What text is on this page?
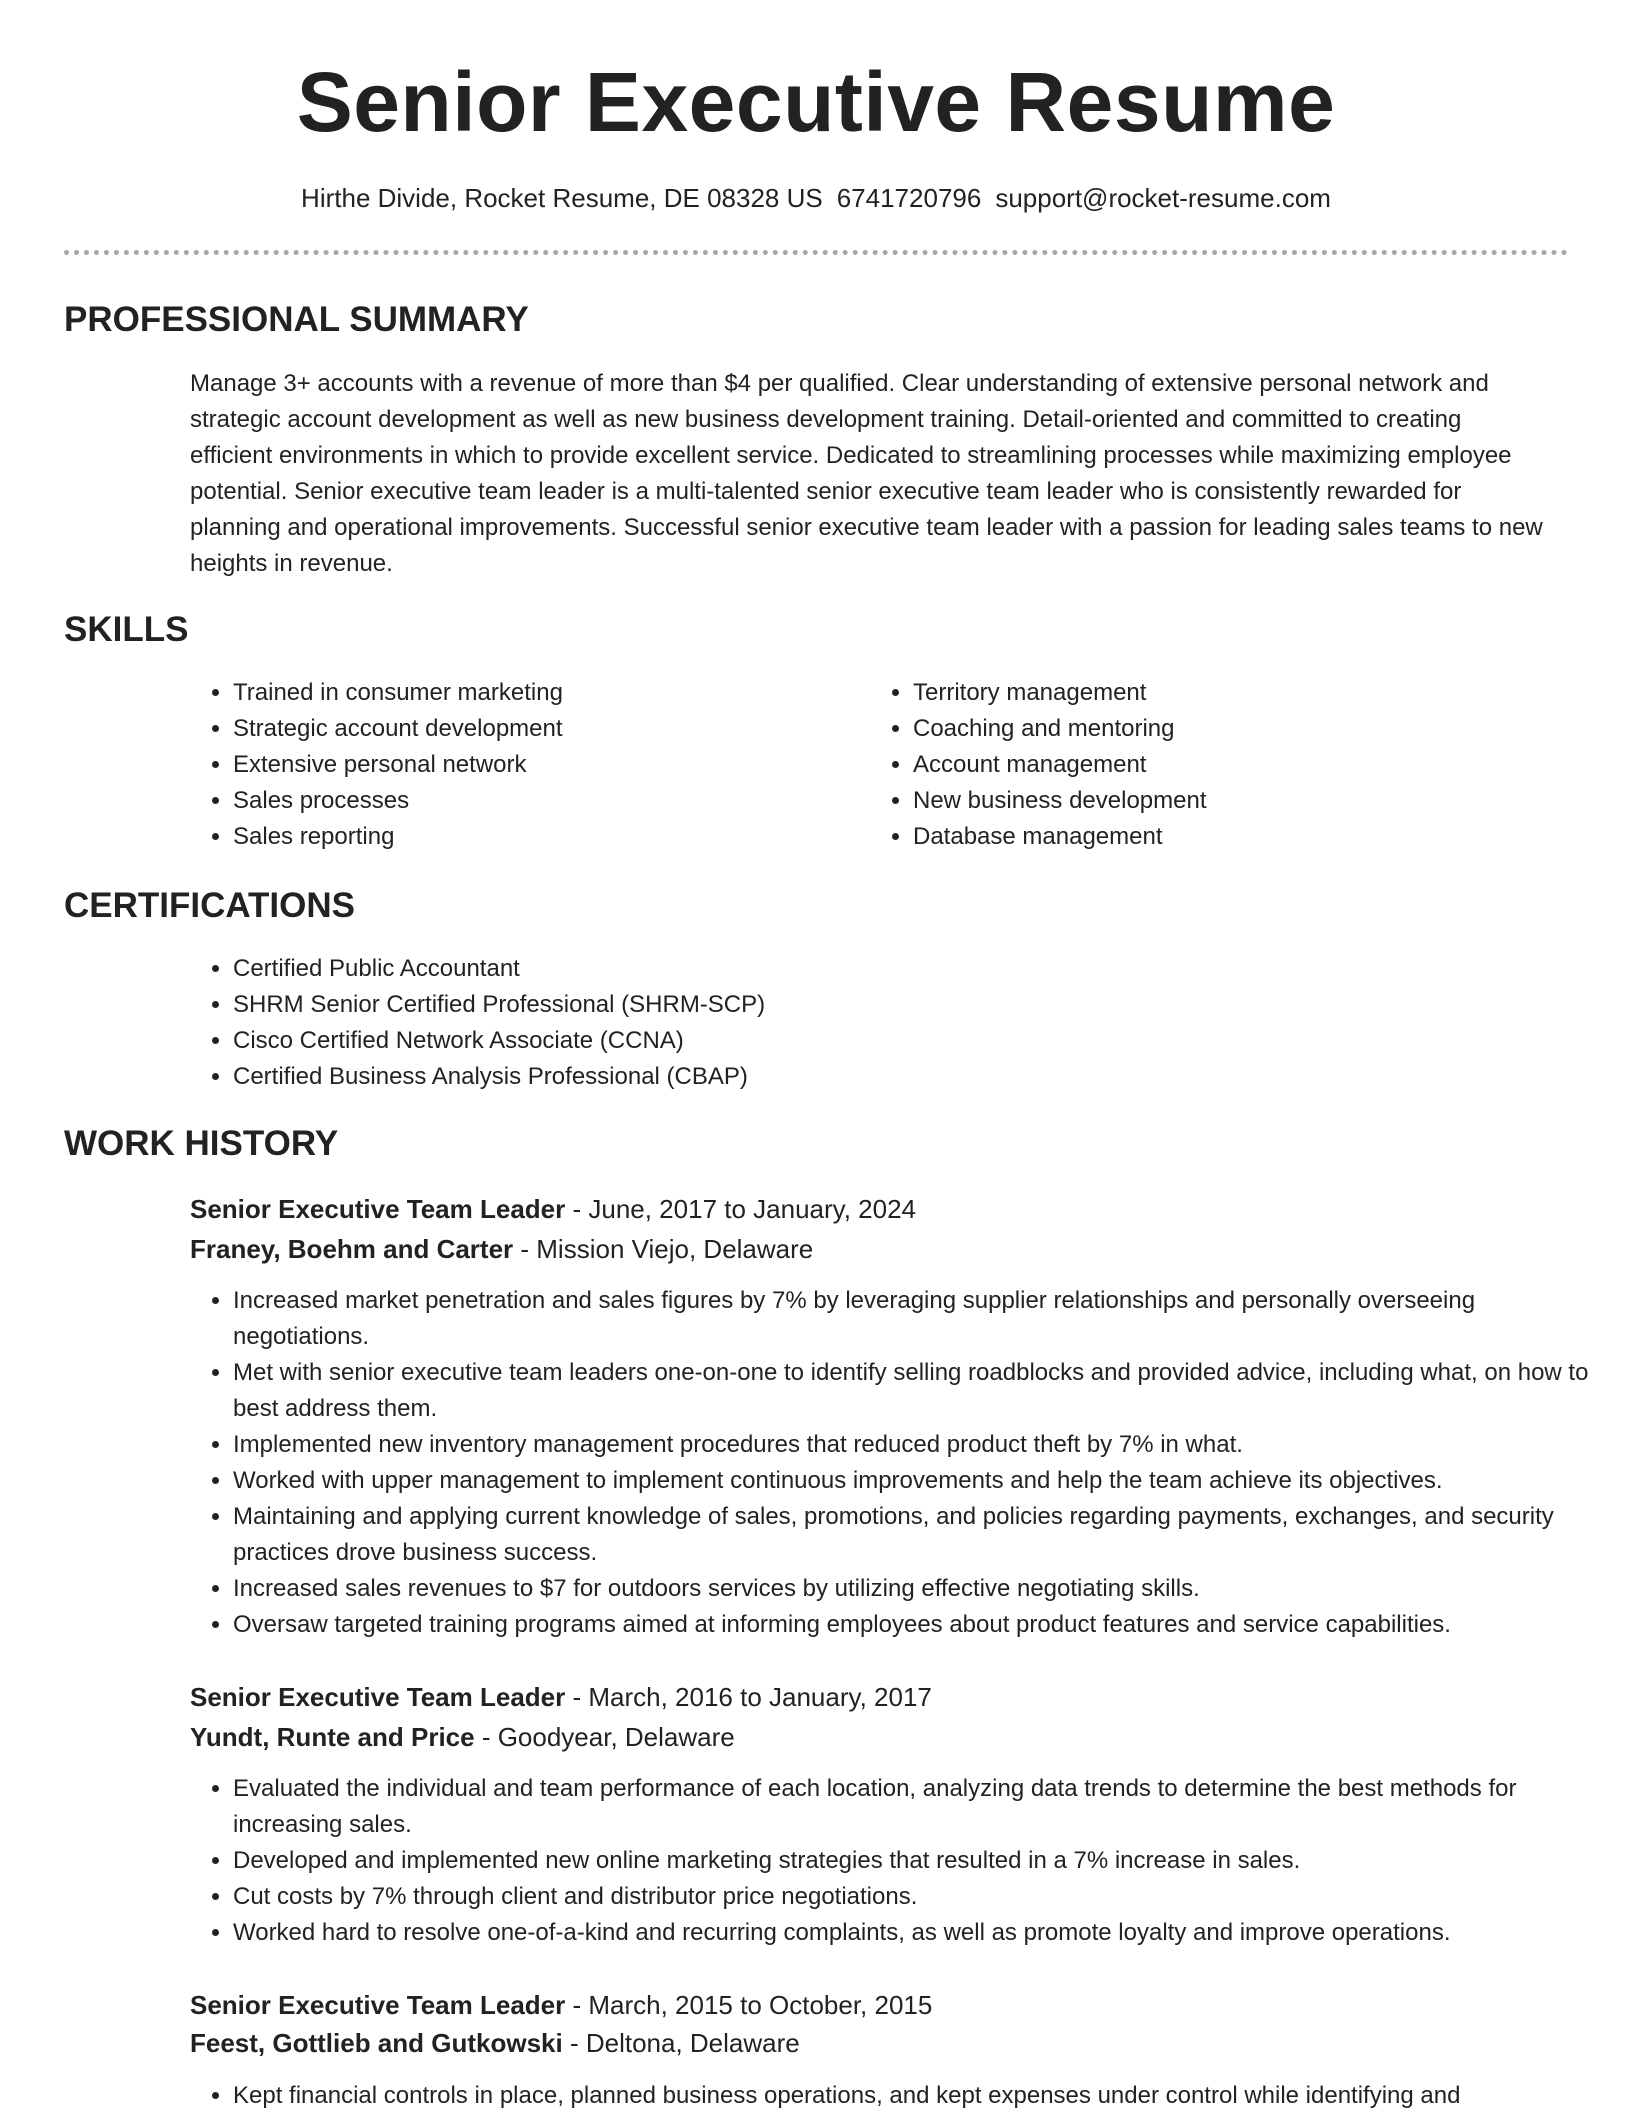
Senior Executive Resume
Hirthe Divide, Rocket Resume, DE 08328 US 6741720796 support@rocket-resume.com
PROFESSIONAL SUMMARY

Manage 3+ accounts with a revenue of more than $4 per qualified. Clear understanding of extensive personal network and strategic account development as well as new business development training. Detail-oriented and committed to creating efficient environments in which to provide excellent service. Dedicated to streamlining processes while maximizing employee potential. Senior executive team leader is a multi-talented senior executive team leader who is consistently rewarded for planning and operational improvements. Successful senior executive team leader with a passion for leading sales teams to new heights in revenue.

SKILLS
• Trained in consumer marketing
• Strategic account development
• Extensive personal network
• Sales processes
• Sales reporting
• Territory management
• Coaching and mentoring
• Account management
• New business development
• Database management
CERTIFICATIONS
• Certified Public Accountant
• SHRM Senior Certified Professional (SHRM-SCP)
• Cisco Certified Network Associate (CCNA)
• Certified Business Analysis Professional (CBAP)
WORK HISTORY
Senior Executive Team Leader - June, 2017 to January, 2024
Franey, Boehm and Carter - Mission Viejo, Delaware
• Increased market penetration and sales figures by 7% by leveraging supplier relationships and personally overseeing negotiations.
• Met with senior executive team leaders one-on-one to identify selling roadblocks and provided advice, including what, on how to best address them.
• Implemented new inventory management procedures that reduced product theft by 7% in what.
• Worked with upper management to implement continuous improvements and help the team achieve its objectives.
• Maintaining and applying current knowledge of sales, promotions, and policies regarding payments, exchanges, and security practices drove business success.
• Increased sales revenues to $7 for outdoors services by utilizing effective negotiating skills.
• Oversaw targeted training programs aimed at informing employees about product features and service capabilities.
Senior Executive Team Leader - March, 2016 to January, 2017
Yundt, Runte and Price - Goodyear, Delaware
• Evaluated the individual and team performance of each location, analyzing data trends to determine the best methods for increasing sales.
• Developed and implemented new online marketing strategies that resulted in a 7% increase in sales.
• Cut costs by 7% through client and distributor price negotiations.
• Worked hard to resolve one-of-a-kind and recurring complaints, as well as promote loyalty and improve operations.
Senior Executive Team Leader - March, 2015 to October, 2015
Feest, Gottlieb and Gutkowski - Deltona, Delaware
• Kept financial controls in place, planned business operations, and kept expenses under control while identifying and
